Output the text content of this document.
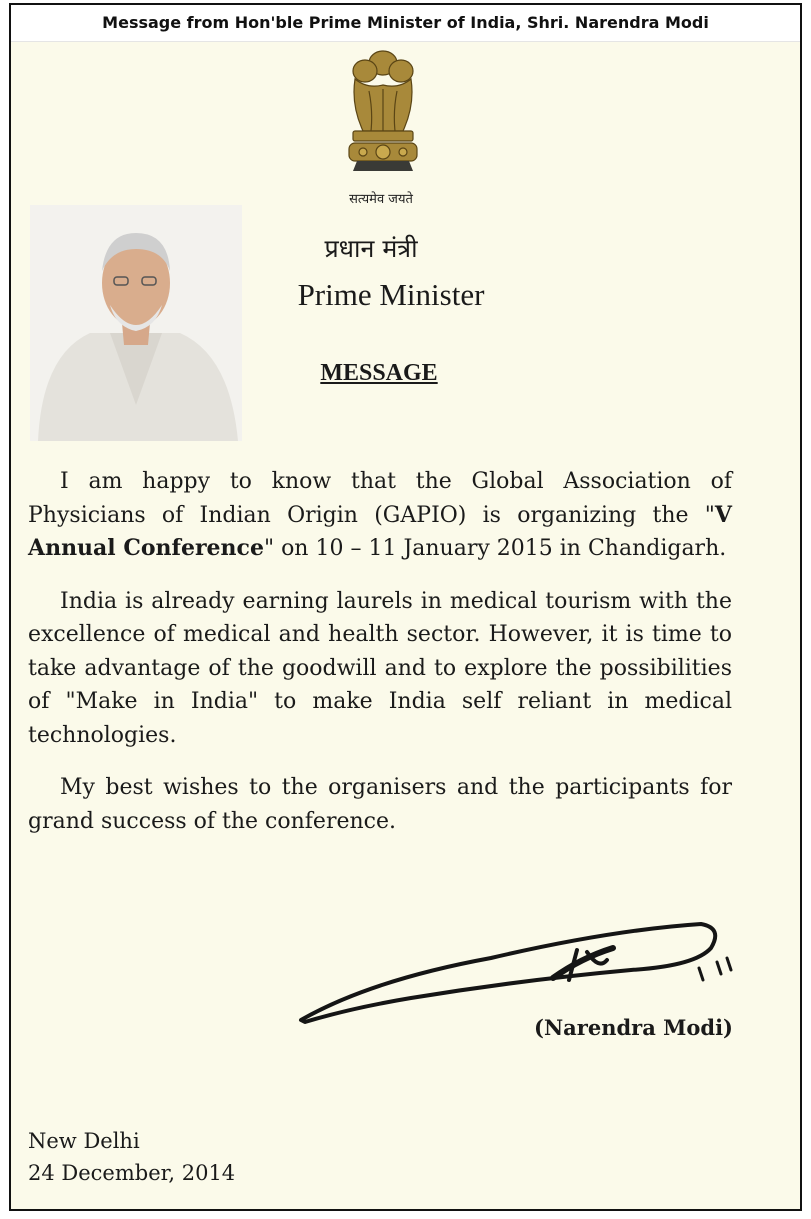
Message from Hon'ble Prime Minister of India, Shri. Narendra Modi
सत्यमेव जयते
प्रधान मंत्री
Prime Minister
MESSAGE

I am happy to know that the Global Association of Physicians of Indian Origin (GAPIO) is organizing the "V Annual Conference" on 10 – 11 January 2015 in Chandigarh.

India is already earning laurels in medical tourism with the excellence of medical and health sector. However, it is time to take advantage of the goodwill and to explore the possibilities of "Make in India" to make India self reliant in medical technologies.

My best wishes to the organisers and the participants for grand success of the conference.

(Narendra Modi)
New Delhi
24 December, 2014
